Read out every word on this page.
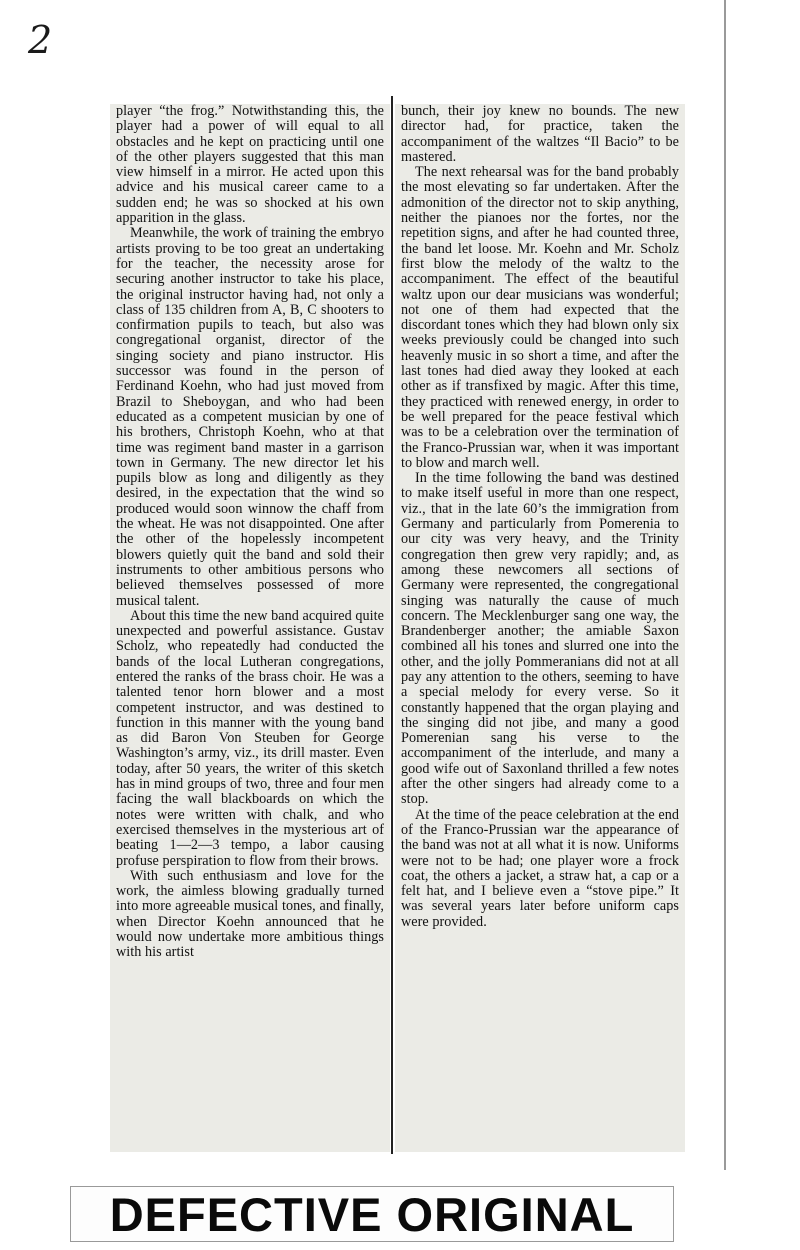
2

player “the frog.” Notwithstanding this, the player had a power of will equal to all obstacles and he kept on practicing until one of the other players suggested that this man view himself in a mirror. He acted upon this advice and his musical career came to a sudden end; he was so shocked at his own apparition in the glass.

Meanwhile, the work of training the embryo artists proving to be too great an undertaking for the teacher, the necessity arose for securing another instructor to take his place, the original instructor having had, not only a class of 135 children from A, B, C shooters to confirmation pupils to teach, but also was congregational organist, director of the singing society and piano instructor. His successor was found in the person of Ferdinand Koehn, who had just moved from Brazil to Sheboygan, and who had been educated as a competent musician by one of his brothers, Christoph Koehn, who at that time was regiment band master in a garrison town in Germany. The new director let his pupils blow as long and diligently as they desired, in the expectation that the wind so produced would soon winnow the chaff from the wheat. He was not disappointed. One after the other of the hopelessly incompetent blowers quietly quit the band and sold their instruments to other ambitious persons who believed themselves possessed of more musical talent.

About this time the new band acquired quite unexpected and powerful assistance. Gustav Scholz, who repeatedly had conducted the bands of the local Lutheran congregations, entered the ranks of the brass choir. He was a talented tenor horn blower and a most competent instructor, and was destined to function in this manner with the young band as did Baron Von Steuben for George Washington’s army, viz., its drill master. Even today, after 50 years, the writer of this sketch has in mind groups of two, three and four men facing the wall blackboards on which the notes were written with chalk, and who exercised themselves in the mysterious art of beating 1—2—3 tempo, a labor causing profuse perspiration to flow from their brows.

With such enthusiasm and love for the work, the aimless blowing gradually turned into more agreeable musical tones, and finally, when Director Koehn announced that he would now undertake more ambitious things with his artist

bunch, their joy knew no bounds. The new director had, for practice, taken the accompaniment of the waltzes “Il Bacio” to be mastered.

The next rehearsal was for the band probably the most elevating so far undertaken. After the admonition of the director not to skip anything, neither the pianoes nor the fortes, nor the repetition signs, and after he had counted three, the band let loose. Mr. Koehn and Mr. Scholz first blow the melody of the waltz to the accompaniment. The effect of the beautiful waltz upon our dear musicians was wonderful; not one of them had expected that the discordant tones which they had blown only six weeks previously could be changed into such heavenly music in so short a time, and after the last tones had died away they looked at each other as if transfixed by magic. After this time, they practiced with renewed energy, in order to be well prepared for the peace festival which was to be a celebration over the termination of the Franco-Prussian war, when it was important to blow and march well.

In the time following the band was destined to make itself useful in more than one respect, viz., that in the late 60’s the immigration from Germany and particularly from Pomerenia to our city was very heavy, and the Trinity congregation then grew very rapidly; and, as among these newcomers all sections of Germany were represented, the congregational singing was naturally the cause of much concern. The Mecklenburger sang one way, the Brandenberger another; the amiable Saxon combined all his tones and slurred one into the other, and the jolly Pommeranians did not at all pay any attention to the others, seeming to have a special melody for every verse. So it constantly happened that the organ playing and the singing did not jibe, and many a good Pomerenian sang his verse to the accompaniment of the interlude, and many a good wife out of Saxonland thrilled a few notes after the other singers had already come to a stop.

At the time of the peace celebration at the end of the Franco-Prussian war the appearance of the band was not at all what it is now. Uniforms were not to be had; one player wore a frock coat, the others a jacket, a straw hat, a cap or a felt hat, and I believe even a “stove pipe.” It was several years later before uniform caps were provided.

DEFECTIVE ORIGINAL
